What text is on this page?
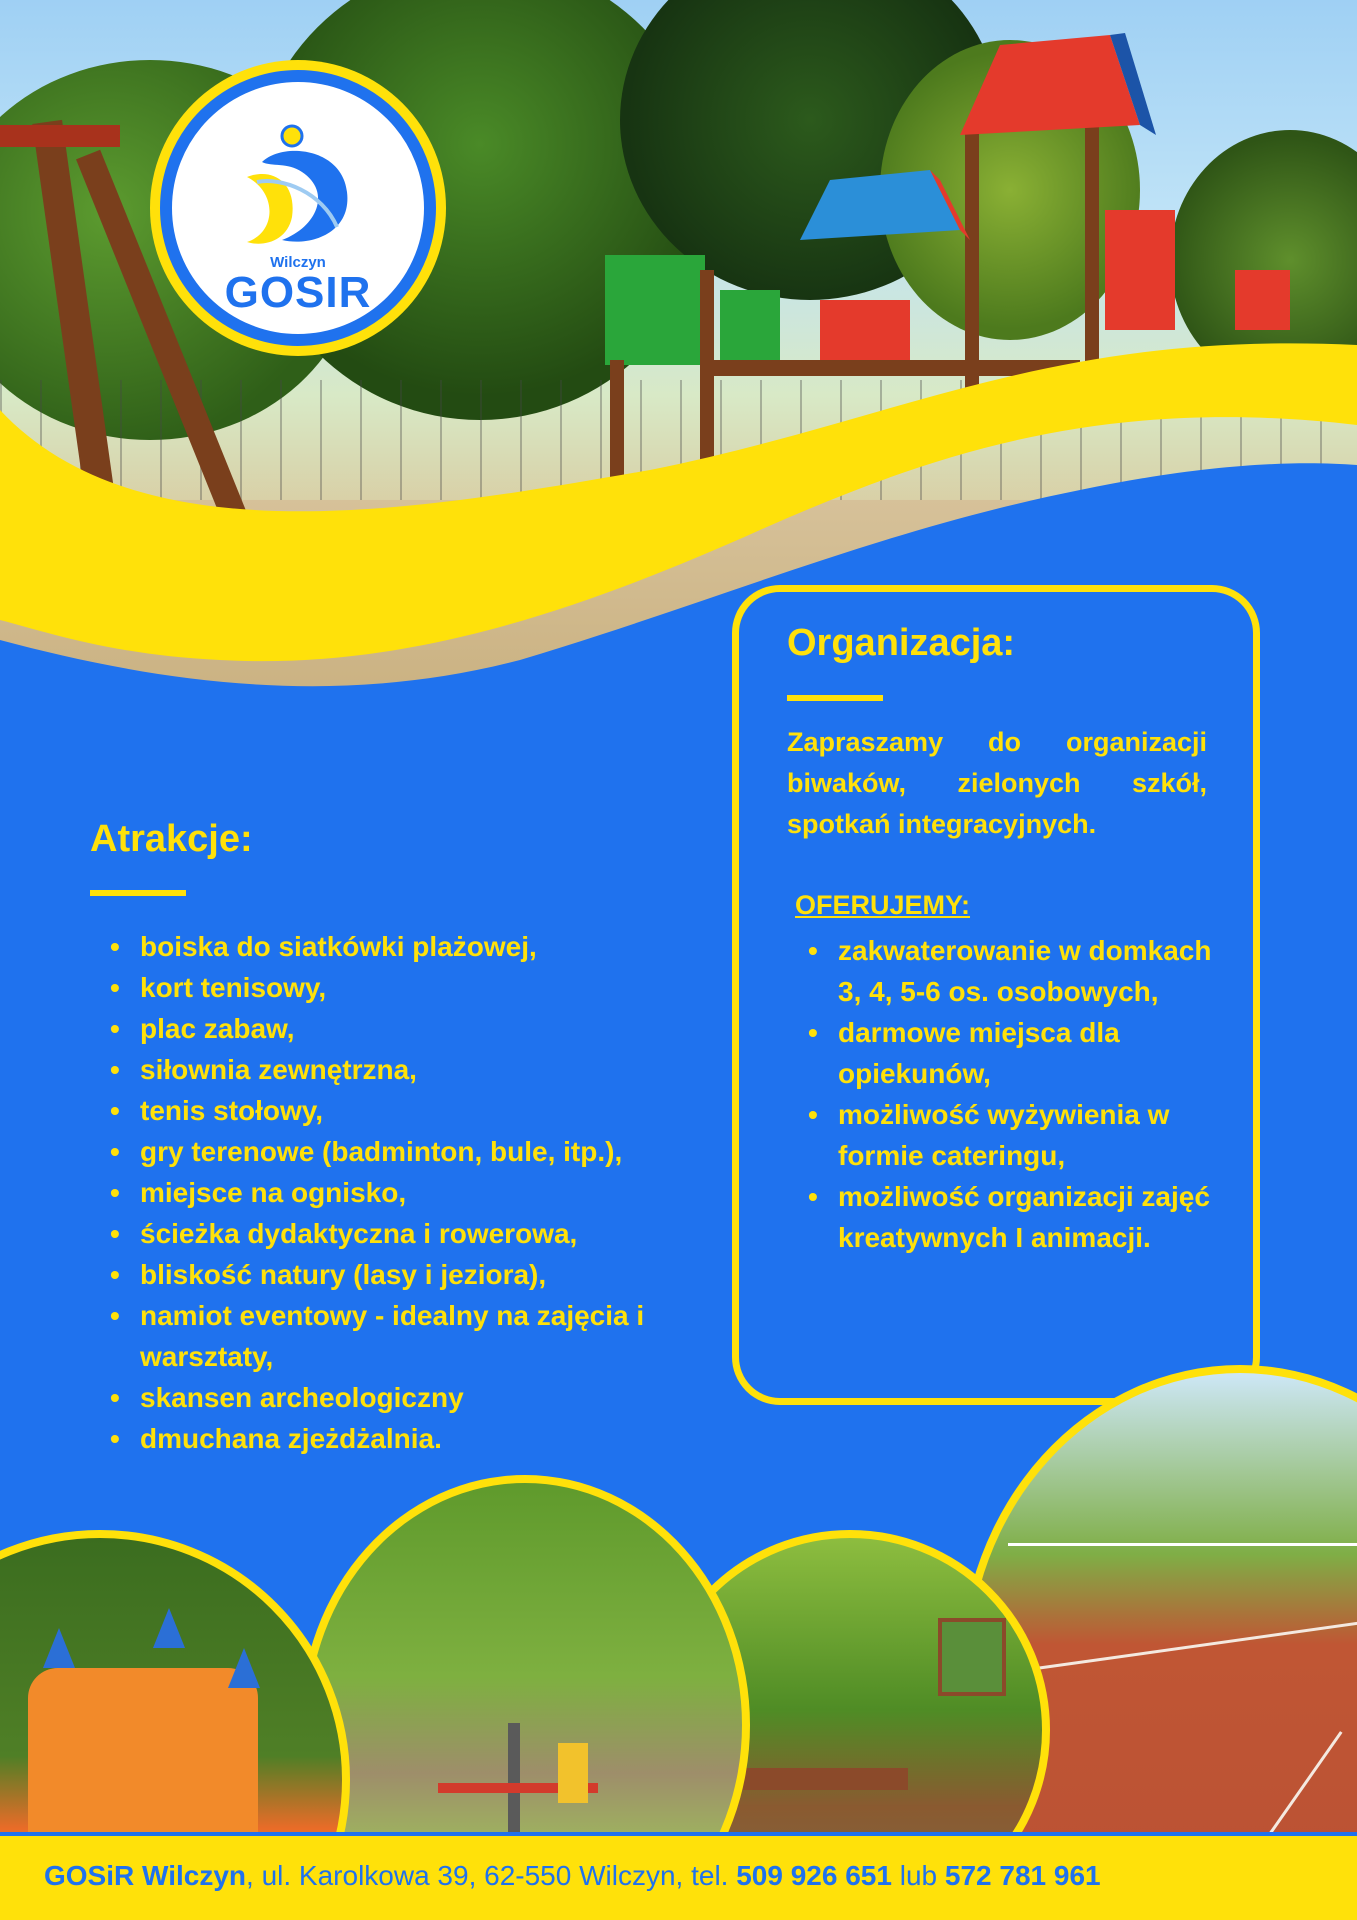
Wilczyn
GOSIR
Organizacja:

Zapraszamy do organizacji biwaków, zielonych szkół, spotkań integracyjnych.

OFERUJEMY:
• zakwaterowanie w domkach 3, 4, 5-6 os. osobowych,
• darmowe miejsca dla opiekunów,
• możliwość wyżywienia w formie cateringu,
• możliwość organizacji zajęć kreatywnych I animacji.
Atrakcje:
• boiska do siatkówki plażowej,
• kort tenisowy,
• plac zabaw,
• siłownia zewnętrzna,
• tenis stołowy,
• gry terenowe (badminton, bule, itp.),
• miejsce na ognisko,
• ścieżka dydaktyczna i rowerowa,
• bliskość natury (lasy i jeziora),
• namiot eventowy - idealny na zajęcia i warsztaty,
• skansen archeologiczny
• dmuchana zjeżdżalnia.
GOSiR Wilczyn, ul. Karolkowa 39, 62-550 Wilczyn, tel. 509 926 651 lub 572 781 961
